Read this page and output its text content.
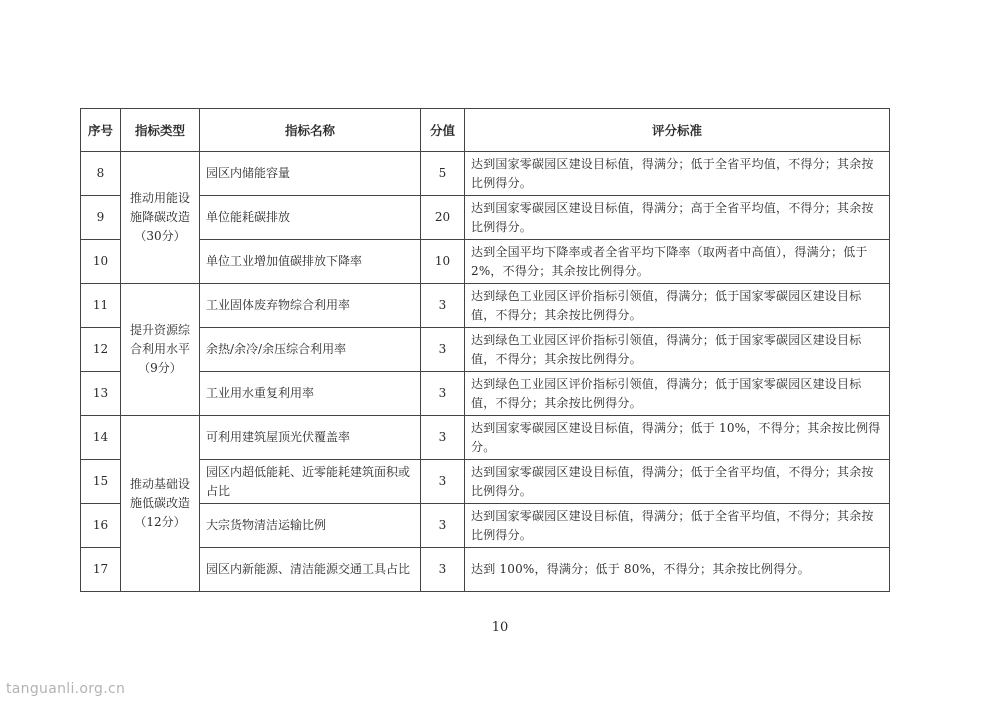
序号	指标类型	指标名称	分值	评分标准
8	推动用能设施降碳改造（30分）	园区内储能容量	5	达到国家零碳园区建设目标值，得满分；低于全省平均值，不得分；其余按比例得分。
9		单位能耗碳排放	20	达到国家零碳园区建设目标值，得满分；高于全省平均值，不得分；其余按比例得分。
10		单位工业增加值碳排放下降率	10	达到全国平均下降率或者全省平均下降率（取两者中高值），得满分；低于 2%，不得分；其余按比例得分。
11	提升资源综合利用水平（9分）	工业固体废弃物综合利用率	3	达到绿色工业园区评价指标引领值，得满分；低于国家零碳园区建设目标值，不得分；其余按比例得分。
12		余热/余冷/余压综合利用率	3	达到绿色工业园区评价指标引领值，得满分；低于国家零碳园区建设目标值，不得分；其余按比例得分。
13		工业用水重复利用率	3	达到绿色工业园区评价指标引领值，得满分；低于国家零碳园区建设目标值，不得分；其余按比例得分。
14	推动基础设施低碳改造（12分）	可利用建筑屋顶光伏覆盖率	3	达到国家零碳园区建设目标值，得满分；低于 10%，不得分；其余按比例得分。
15		园区内超低能耗、近零能耗建筑面积或占比	3	达到国家零碳园区建设目标值，得满分；低于全省平均值，不得分；其余按比例得分。
16		大宗货物清洁运输比例	3	达到国家零碳园区建设目标值，得满分；低于全省平均值，不得分；其余按比例得分。
17		园区内新能源、清洁能源交通工具占比	3	达到 100%，得满分；低于 80%，不得分；其余按比例得分。
10
tanguanli.org.cn
